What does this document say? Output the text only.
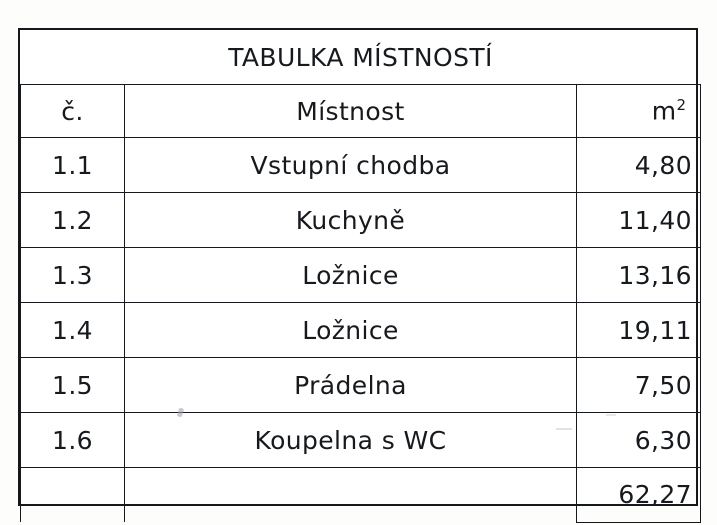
TABULKA MÍSTNOSTÍ		
č.	Místnost	$m^2$
1.1	Vstupní chodba	4,80
1.2	Kuchyně	11,40
1.3	Ložnice	13,16
1.4	Ložnice	19,11
1.5	Prádelna	7,50
1.6	Koupelna s WC	6,30
		62,27
